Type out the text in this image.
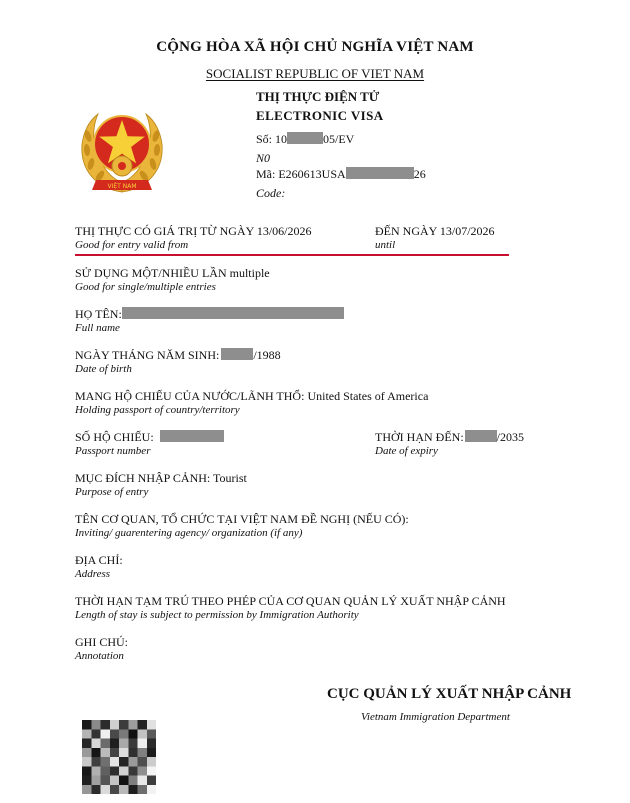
CỘNG HÒA XÃ HỘI CHỦ NGHĨA VIỆT NAM
SOCIALIST REPUBLIC OF VIET NAM
VIỆT NAM
THỊ THỰC ĐIỆN TỬ
ELECTRONIC VISA
Số: 10	05/EV
N0
Mã: E260613USA	26
Code:
THỊ THỰC CÓ GIÁ TRỊ TỪ NGÀY 13/06/2026
Good for entry valid from
ĐẾN NGÀY 13/07/2026
until
SỬ DỤNG MỘT/NHIỀU LẦN multiple
Good for single/multiple entries
HỌ TÊN:
Full name
NGÀY THÁNG NĂM SINH:	/1988
Date of birth
MANG HỘ CHIẾU CỦA NƯỚC/LÃNH THỔ: United States of America
Holding passport of country/territory
SỐ HỘ CHIẾU:
Passport number
THỜI HẠN ĐẾN:	/2035
Date of expiry
MỤC ĐÍCH NHẬP CẢNH: Tourist
Purpose of entry
TÊN CƠ QUAN, TỔ CHỨC TẠI VIỆT NAM ĐỀ NGHỊ (NẾU CÓ):
Inviting/ guarentering agency/ organization (if any)
ĐỊA CHỈ:
Address
THỜI HẠN TẠM TRÚ THEO PHÉP CỦA CƠ QUAN QUẢN LÝ XUẤT NHẬP CẢNH
Length of stay is subject to permission by Immigration Authority
GHI CHÚ:
Annotation
CỤC QUẢN LÝ XUẤT NHẬP CẢNH
Vietnam Immigration Department
